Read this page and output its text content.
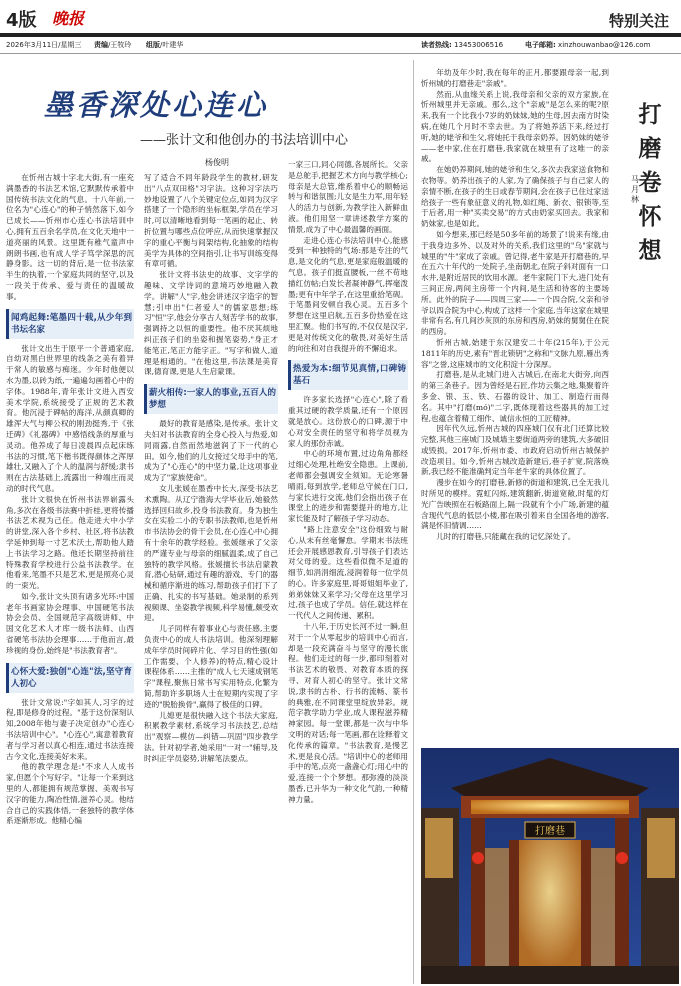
4版 晚报	特别关注
2026年3月11日/星期三 责编/王牧玲 组版/叶建华	读者热线: 13453006516	电子邮箱: xinzhouwanbao@126.com
墨香深处心连心
——张计文和他创办的书法培训中心
杨俊明

在忻州古城十字北大街,有一座充满墨香的书法艺术馆,它默默传承着中国传统书法文化的气息。十八年前,一位名为"心连心"的种子悄然落下,如今已成长——忻州市心连心书法培训中心,拥有五百余名学员,在文化天地中一道亮丽的风景。这里既有稚气童声中朗朗书画,也有成人学子笃学深思的沉静身影。这一切的背后,是一位书法家半生的执着,一个家庭共同的坚守,以及一段关于传承、爱与责任的温暖故事。

闻鸡起舞:笔墨四十载,从少年到书坛名家

张计文出生于原平一个普通家庭,自幼对黑白世界里的线条之美有着异于常人的敏感与痴迷。少年时他便以水为墨,以砖为纸,一遍遍勾画着心中的字体。1988年,青年张计文进入西安美术学院,系统接受了正规的艺术教育。他沉浸于碑帖的海洋,从颜真卿的雄浑大气与柳公权的刚劲挺秀,于《张迁碑》《礼器碑》中感悟线条的厚重与灵动。他养成了每日凌晨四点起床练书法的习惯,笔下楷书既得颜体之浑厚雄壮,又融入了个人的温润与舒缓;隶书则在古法基础上,流露出一种端庄而灵动的时代气息。

张计文很快在忻州书法界崭露头角,多次在各级书法赛中折桂,更将传播书法艺术视为己任。他走进大中小学的讲堂,深入各个乡村、社区,将书法教学延伸到每一寸艺术沃土,帮助他人踏上书法学习之路。他还长期坚持前往特殊教育学校进行公益书法教学。在他看来,笔墨不只是艺术,更是照亮心灵的一束光。

如今,张计文头顶有诸多光环:中国老年书画家协会理事、中国硬笔书法协会会员、全国规范字高级讲师、中国文化艺术人才库一级书法师、山西省硬笔书法协会理事……于他而言,最珍视的身份,始终是"书法教育者"。

心怀大爱:独创"心连"法,坚守育人初心

张计文常说:"字如其人,习字的过程,即是修身的过程。"基于这份深刻认知,2008年他与妻子决定创办"心连心书法培训中心"。"心连心",寓意着教育者与学习者以真心相连,通过书法连接古今文化,连接美好未来。

他的教学理念是:"不求人人成书家,但愿个个写好字。"让每一个来到这里的人,都能拥有规范掌握、美观书写汉字的能力,陶冶性情,滋养心灵。他结合自己的实践体悟,一套独特的教学体系逐渐形成。他精心编

写了适合不同年龄段学生的教材,研发出"八点双田格"习字法。这种习字法巧妙地设置了八个关键定位点,如同为汉字搭建了一个隐形的坐标框架,学员在学习时,可以清晰地看到每一笔画的起止、转折位置与哪些点位呼应,从而快速掌握汉字的重心平衡与间架结构,化抽象的结构美学为具体的空间指引,让书写训练变得有章可循。

张计文将书法史的故事、文字学的趣味、文学诗词的意境巧妙地融入教学。讲解"人"字,他会讲述汉字造字的智慧;引申出"仁者爱人"的儒家思想;练习"恒"字,他会分享古人刻苦学书的故事,强调持之以恒的重要性。他不厌其烦地纠正孩子们的坐姿和握笔姿势,"身正才能笔正,笔正方能字正。"写字和做人,道理是相通的。"在他这里,书法课是美育课,德育课,更是人生启蒙课。

薪火相传:一家人的事业,五百人的梦想

最好的教育是感染,是传承。张计文夫妇对书法教育的全身心投入与热爱,如同雨露,自然而然地滋润了下一代的心田。如今,他们的儿女接过父母手中的笔,成为了"心连心"的中坚力量,让这项事业成为了"家族使命"。

女儿张媛在墨香中长大,深受书法艺术熏陶。从辽宁渤海大学毕业后,她毅然选择回归故乡,投身书法教育。身为独生女在实验二小的专职书法教师,也是忻州市书法协会的骨干会员,在心连心中心拥有十余年的教学经验。张媛继承了父亲的严谨专业与母亲的细腻温柔,成了自己独特的教学风格。张媛擅长书法启蒙教育,潜心钻研,通过有趣的游戏、专门的器械和循序渐进的练习,帮助孩子们打下了正确、扎实的书写基础。她录制的系列视频课、坐姿教学视频,科学易懂,颇受欢迎。

儿子同样有着事业心与责任感,主要负责中心的成人书法培训。他深刻理解成年学员时间碎片化、学习目的性强(如工作需要、个人修养)的特点,精心设计课程体系……主推的"成人七天速成钢笔字"课程,聚焦日常书写实用特点,化繁为简,帮助许多职场人士在短期内实现了字迹的"脱胎换骨",赢得了极佳的口碑。

儿媳更是很快融入这个书法大家庭,积累教学素材,系统学习书法技艺,总结出"观察—模仿—纠错—巩固"四步教学法。针对初学者,她采用"一对一"辅导,及时纠正学员姿势,讲解笔法要点。

一家三口,同心同德,各展所长。父亲是总舵手,把握艺术方向与教学核心;母亲是大总管,维系着中心的顺畅运转与和谐氛围;儿女是生力军,用年轻人的活力与创新,为教学注入新鲜血液。他们用坚一章讲述教学方案的情景,成为了中心最温馨的画面。

走进心连心书法培训中心,能感受到一种独特的气场:那是专注的气息,是文化的气息,更是家庭般温暖的气息。孩子们挺直腰板,一丝不苟地描红仿帖;白发长者凝神静气,挥毫泼墨;更有中年学子,在这里重拾笔砚。于笔墨间安顿自我心灵。五百多个梦想在这里启航,五百多份热爱在这里汇聚。他们书写的,不仅仅是汉字,更是对传统文化的敬畏,对美好生活的向往和对自我提升的不懈追求。

热爱为本:细节见真情,口碑铸基石

许多家长选择"心连心",除了看重其过硬的教学质量,还有一个原因就是放心。这份放心的口碑,源于中心对安全责任的坚守和将学员视为家人的那份赤诚。

中心的环境布置,过边角角都经过细心处理,杜绝安全隐患。上课前,老师都会强调安全须知。无论寒暑晴雨,每到放学,老师总守候在门口,与家长进行交流,他们会指出孩子在课堂上的进步和需要提升的地方,让家长能及时了解孩子学习动态。

"路上注意安全"这份细致与耐心,从未有丝毫懈怠。学期末书法班还会开展感恩教育,引导孩子们表达对父母的爱。这些看似微不足道的细节,如涓涓细流,浸润着每一位学员的心。许多家庭里,哥哥姐姐毕业了,弟弟妹妹又来学习;父母在这里学习过,孩子也成了学员。信任,就这样在一代代人之间传递、累积。

十八年,于历史长河不过一瞬,但对于一个从零起步的培训中心而言,却是一段充满奋斗与坚守的漫长旅程。他们走过的每一步,都印刻着对书法艺术的敬畏、对教育本质的探寻、对育人初心的坚守。张计文常说,隶书的古朴、行书的流畅、篆书的典雅,在不同课堂里绽放异彩。规范字教学助力学业,成人课程滋养精神家园。每一堂课,都是一次与中华文明的对话;每一笔画,都在诠释着文化传承的篇章。"书法教育,是慢艺术,更是良心活。"培训中心的老师用手中的笔,点亮一盏盏心灯;用心中的爱,连接一个个梦想。那弥漫的淡淡墨香,已升华为一种文化气韵,一种精神力量。

年幼及年少时,我在每年的正月,都要跟母亲一起,到忻州城的打磨巷走"亲戚"。

然而,从血缘关系上说,我母亲和父亲的双方家族,在忻州城里并无亲戚。那么,这个"亲戚"是怎么来的呢?原来,我有一个比我小7岁的奶妹妹,她的生母,因去南方时染病,在她几个月时不幸去世。为了将她养活下来,经过打听,她的姥爷和生父,将她托于我母亲奶养。因奶妹的姥爷——老中家,住在打磨巷,我家就在城里有了这唯一的亲戚。

在她奶养期间,她的姥爷和生父,多次去我家送食物和衣物等。奶养出孩子的人家,为了确保孩子与自己家人的亲情不断,在孩子的生日或春节期间,会在孩子已住过家送给孩子一些有象征意义的礼物,如红绳、新衣、银锁等,至于后者,用一种"买卖交易"的方式由奶家买回去。我家和奶妹家,也是如此。

如今想来,那已经是50多年前的场景了!说来有缘,由于我身边多外、以及对外的关系,我们这里的"乌"家就与城里的"牛"家成了亲戚。曾记得,老牛家是开打磨巷的,早在五六十年代的一处院子,坐南朝北,在院子斜对面有一口水井,是附近居民的饮用水源。老牛家院门下大,进门处有三间正房,两间主房带一个内间,是生活和待客的主要场所。此外的院子——四周三家——一个四合院,父亲和爷爷以四合院为中心,构成了这样一个家庭,当年这家在城里非常有名,有几间沙灰顶的东房和西房,奶妹的舅舅住在院的西房。

忻州古城,始建于东汉建安二十年(215年),于公元1811年的历史,素有"晋北锁钥"之称和"文脉九原,雁出秀容"之誉,这座城市的文化积淀十分深厚。

打磨巷,是从北城门进入古城后,在南北大街旁,向西的第三条巷子。因为曾经是石匠,作坊云集之地,集聚着许多金、银、玉、铁、石器的设计、加工、制造行而得名。其中"打磨(mó)"二字,既体现着这些器具的加工过程,也蕴含着精工细作、诚信永恒的工匠精神。

因年代久远,忻州古城的四座城门仅有北门还算比较完整,其他三座城门及城墙主要街道两旁的建筑,大多破旧或毁损。2017年,忻州市委、市政府启动忻州古城保护改造项目。如今,忻州古城改造新建后,巷子扩宽,院落焕新,我已经不能准确判定当年老牛家的具体位置了。

漫步在如今的打磨巷,新修的街道和建筑,已全无我儿时所见的模样。霓虹闪烁,建筑翻新,街道宽敞,时髦的灯光广告映照在石板路面上,隔一段就有个小广场,新建的蕴含现代气息的低层小楼,都在吸引着来自全国各地的游客,满是怀旧情调……

儿时的打磨巷,只能藏在我的记忆深处了。

打磨卷怀想
马月林
打磨巷
